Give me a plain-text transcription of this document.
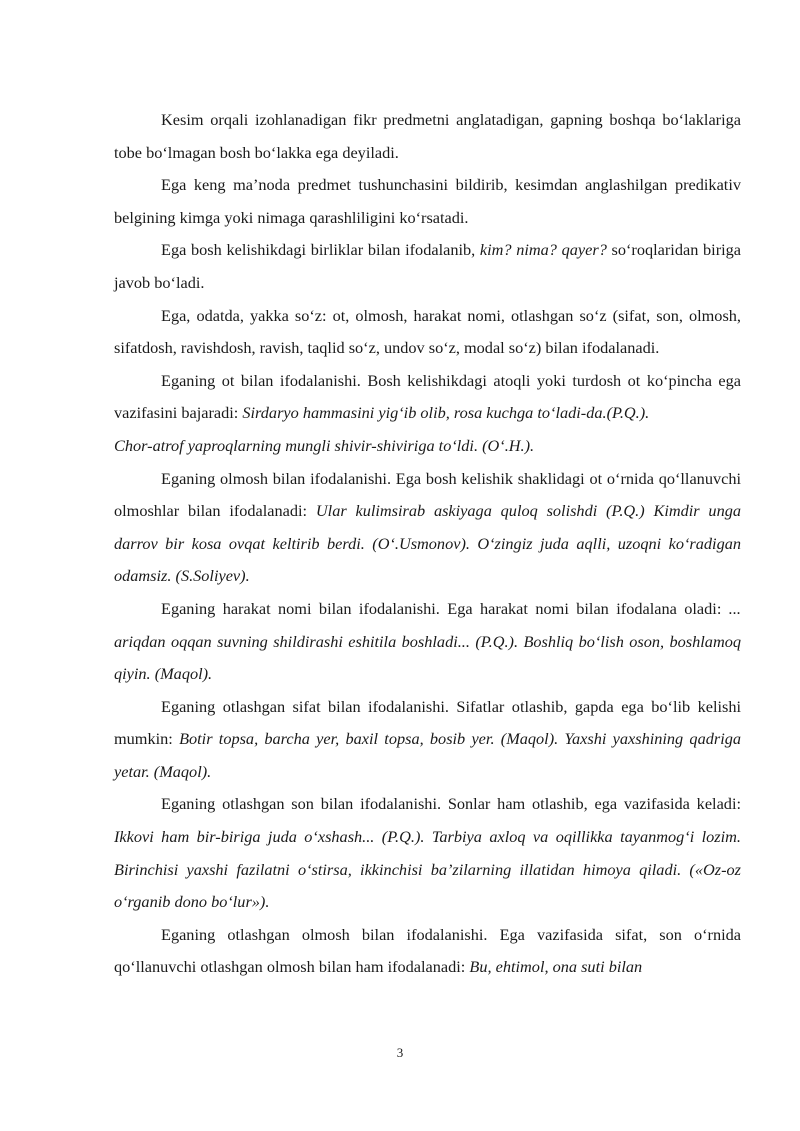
Kesim orqali izohlanadigan fikr predmetni anglatadigan, gapning boshqa bo‘laklariga tobe bo‘lmagan bosh bo‘lakka ega deyiladi.

Ega keng ma’noda predmet tushunchasini bildirib, kesimdan anglashilgan predikativ belgining kimga yoki nimaga qarashliligini ko‘rsatadi.

Ega bosh kelishikdagi birliklar bilan ifodalanib, kim? nima? qayer? so‘roqlaridan biriga javob bo‘ladi.

Ega, odatda, yakka so‘z: ot, olmosh, harakat nomi, otlashgan so‘z (sifat, son, olmosh, sifatdosh, ravishdosh, ravish, taqlid so‘z, undov so‘z, modal so‘z) bilan ifodalanadi.

Eganing ot bilan ifodalanishi. Bosh kelishikdagi atoqli yoki turdosh ot ko‘pincha ega vazifasini bajaradi: Sirdaryo hammasini yig‘ib olib, rosa kuchga to‘ladi-da.(P.Q.).

Chor-atrof yaproqlarning mungli shivir-shiviriga to‘ldi. (O‘.H.).

Eganing olmosh bilan ifodalanishi. Ega bosh kelishik shaklidagi ot o‘rnida qo‘llanuvchi olmoshlar bilan ifodalanadi: Ular kulimsirab askiyaga quloq solishdi (P.Q.) Kimdir unga darrov bir kosa ovqat keltirib berdi. (O‘.Usmonov). O‘zingiz juda aqlli, uzoqni ko‘radigan odamsiz. (S.Soliyev).

Eganing harakat nomi bilan ifodalanishi. Ega harakat nomi bilan ifodalana oladi: ... ariqdan oqqan suvning shildirashi eshitila boshladi... (P.Q.). Boshliq bo‘lish oson, boshlamoq qiyin. (Maqol).

Eganing otlashgan sifat bilan ifodalanishi. Sifatlar otlashib, gapda ega bo‘lib kelishi mumkin: Botir topsa, barcha yer, baxil topsa, bosib yer. (Maqol). Yaxshi yaxshining qadriga yetar. (Maqol).

Eganing otlashgan son bilan ifodalanishi. Sonlar ham otlashib, ega vazifasida keladi: Ikkovi ham bir-biriga juda o‘xshash... (P.Q.). Tarbiya axloq va oqillikka tayanmog‘i lozim. Birinchisi yaxshi fazilatni o‘stirsa, ikkinchisi ba’zilarning illatidan himoya qiladi. («Oz-oz o‘rganib dono bo‘lur»).

Eganing otlashgan olmosh bilan ifodalanishi. Ega vazifasida sifat, son o‘rnida qo‘llanuvchi otlashgan olmosh bilan ham ifodalanadi: Bu, ehtimol, ona suti bilan

3
